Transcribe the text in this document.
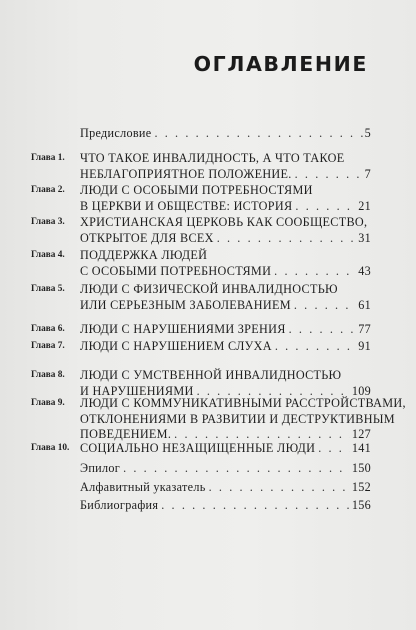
ОГЛАВЛЕНИЕ
Предисловие . . .	5
Глава 1.	ЧТО ТАКОЕ ИНВАЛИДНОСТЬ, А ЧТО ТАКОЕ
НЕБЛАГОПРИЯТНОЕ ПОЛОЖЕНИЕ. . . .	7
Глава 2.	ЛЮДИ С ОСОБЫМИ ПОТРЕБНОСТЯМИ
В ЦЕРКВИ И ОБЩЕСТВЕ: ИСТОРИЯ . . .	21
Глава 3.	ХРИСТИАНСКАЯ ЦЕРКОВЬ КАК СООБЩЕСТВО,
ОТКРЫТОЕ ДЛЯ ВСЕХ . . .	31
Глава 4.	ПОДДЕРЖКА ЛЮДЕЙ
С ОСОБЫМИ ПОТРЕБНОСТЯМИ . . .	43
Глава 5.	ЛЮДИ С ФИЗИЧЕСКОЙ ИНВАЛИДНОСТЬЮ
ИЛИ СЕРЬЕЗНЫМ ЗАБОЛЕВАНИЕМ . . .	61
Глава 6.	ЛЮДИ С НАРУШЕНИЯМИ ЗРЕНИЯ . . .	77
Глава 7.	ЛЮДИ С НАРУШЕНИЕМ СЛУХА . . .	91
Глава 8.	ЛЮДИ С УМСТВЕННОЙ ИНВАЛИДНОСТЬЮ
И НАРУШЕНИЯМИ . . .	109
Глава 9.	ЛЮДИ С КОММУНИКАТИВНЫМИ РАССТРОЙСТВАМИ,
ОТКЛОНЕНИЯМИ В РАЗВИТИИ И ДЕСТРУКТИВНЫМ
ПОВЕДЕНИЕМ. . . .	127
Глава 10. СОЦИАЛЬНО НЕЗАЩИЩЕННЫЕ ЛЮДИ . . .	141
Эпилог . . .	150
Алфавитный указатель . . .	152
Библиография . . .	156
